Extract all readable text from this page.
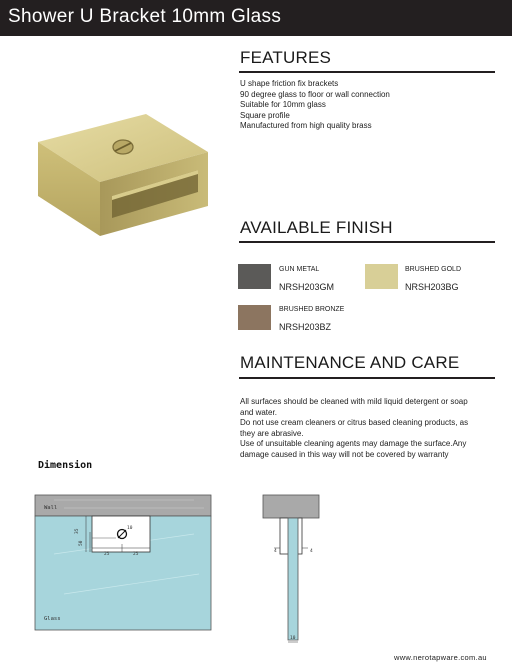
Shower U Bracket 10mm Glass
FEATURES
U shape friction fix brackets
90 degree glass to floor or wall connection
Suitable for 10mm glass
Square profile
Manufactured from high quality brass
AVAILABLE FINISH
GUN METAL
NRSH203GM
BRUSHED GOLD
NRSH203BG
BRUSHED BRONZE
NRSH203BZ
MAINTENANCE AND CARE
All surfaces should be cleaned with mild liquid detergent or soap
and water.
Do not use cream cleaners or citrus based cleaning products, as
they are abrasive.
Use of unsuitable cleaning agents may damage the surface.Any
damage caused in this way will not be covered by warranty
Dimension
35
50
10
25	25
Wall
Glass
4	4
10
www.nerotapware.com.au
